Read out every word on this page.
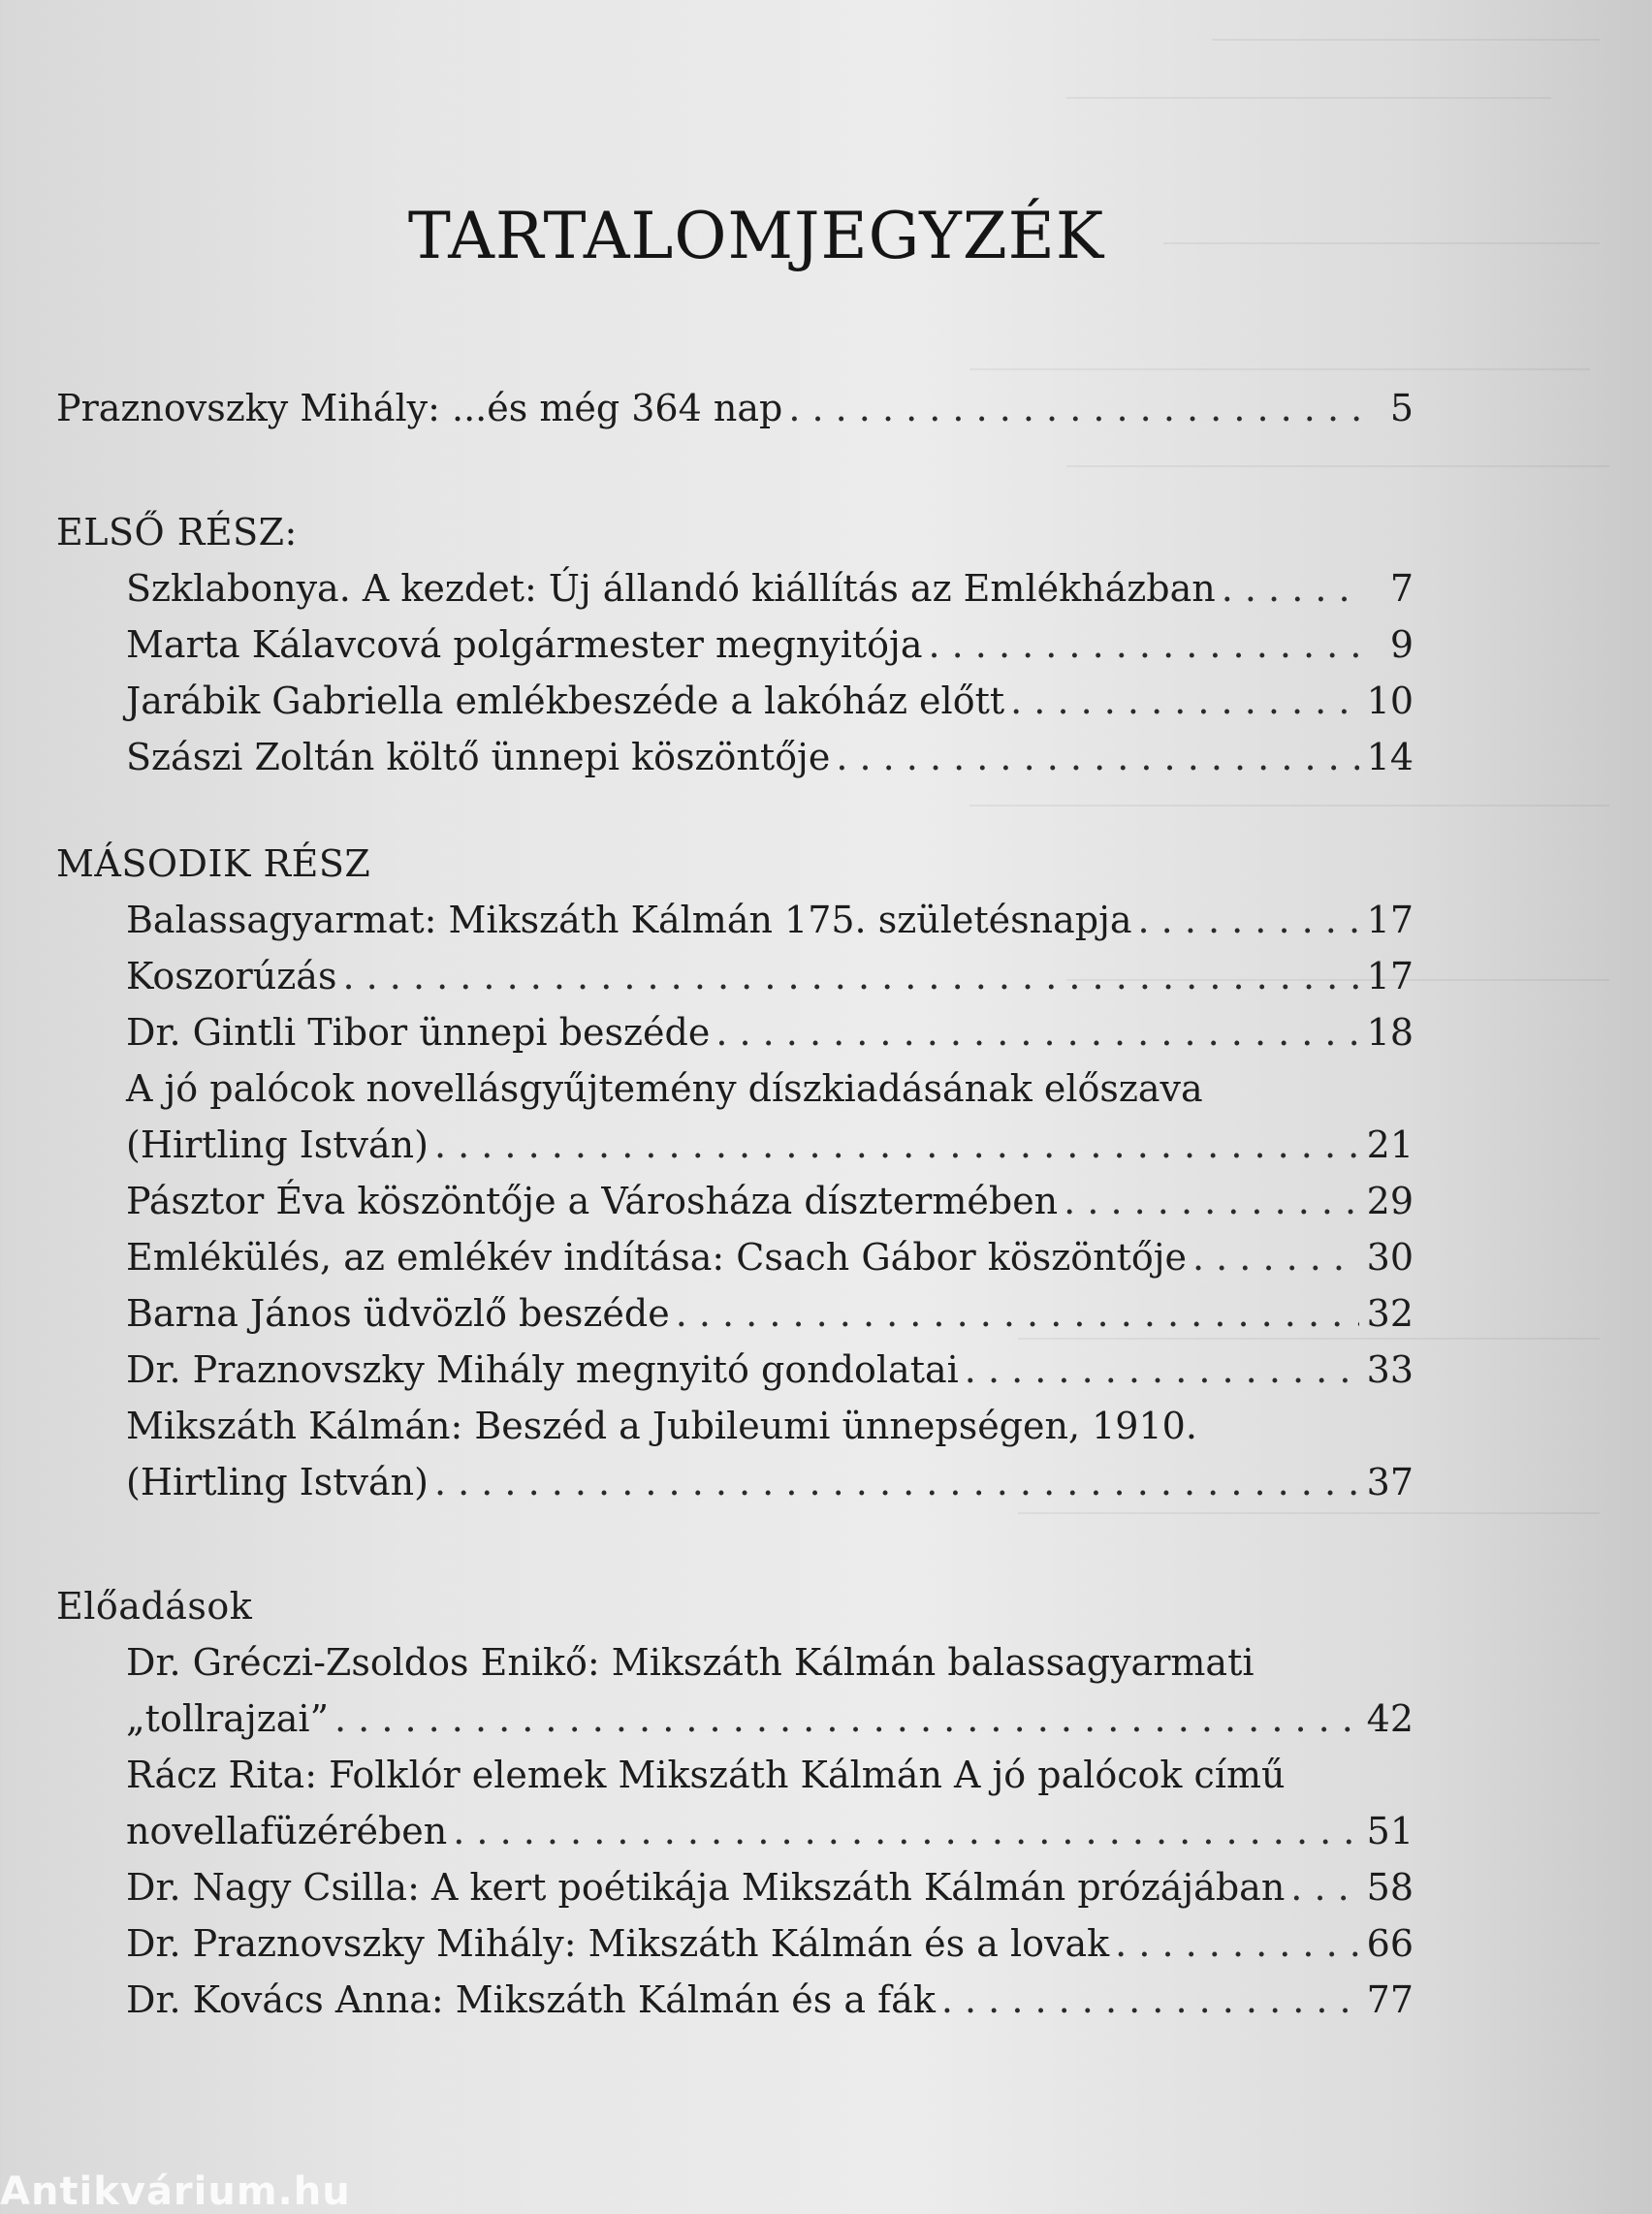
TARTALOMJEGYZÉK
Praznovszky Mihály: ...és még 364 nap . . .	5
ELSŐ RÉSZ:
Szklabonya. A kezdet: Új állandó kiállítás az Emlékházban . . .	7
Marta Kálavcová polgármester megnyitója . . .	9
Jarábik Gabriella emlékbeszéde a lakóház előtt . . .	10
Szászi Zoltán költő ünnepi köszöntője . . .	14
MÁSODIK RÉSZ
Balassagyarmat: Mikszáth Kálmán 175. születésnapja . . .	17
Koszorúzás . . .	17
Dr. Gintli Tibor ünnepi beszéde . . .	18
A jó palócok novellásgyűjtemény díszkiadásának előszava
(Hirtling István) . . .	21
Pásztor Éva köszöntője a Városháza dísztermében . . .	29
Emlékülés, az emlékév indítása: Csach Gábor köszöntője . . .	30
Barna János üdvözlő beszéde . . .	32
Dr. Praznovszky Mihály megnyitó gondolatai . . .	33
Mikszáth Kálmán: Beszéd a Jubileumi ünnepségen, 1910.
(Hirtling István) . . .	37
Előadások
Dr. Gréczi-Zsoldos Enikő: Mikszáth Kálmán balassagyarmati
„tollrajzai” . . .	42
Rácz Rita: Folklór elemek Mikszáth Kálmán A jó palócok című
novellafüzérében . . .	51
Dr. Nagy Csilla: A kert poétikája Mikszáth Kálmán prózájában . . . 58
Dr. Praznovszky Mihály: Mikszáth Kálmán és a lovak . . .	66
Dr. Kovács Anna: Mikszáth Kálmán és a fák . . .	77
Antikvárium.hu
